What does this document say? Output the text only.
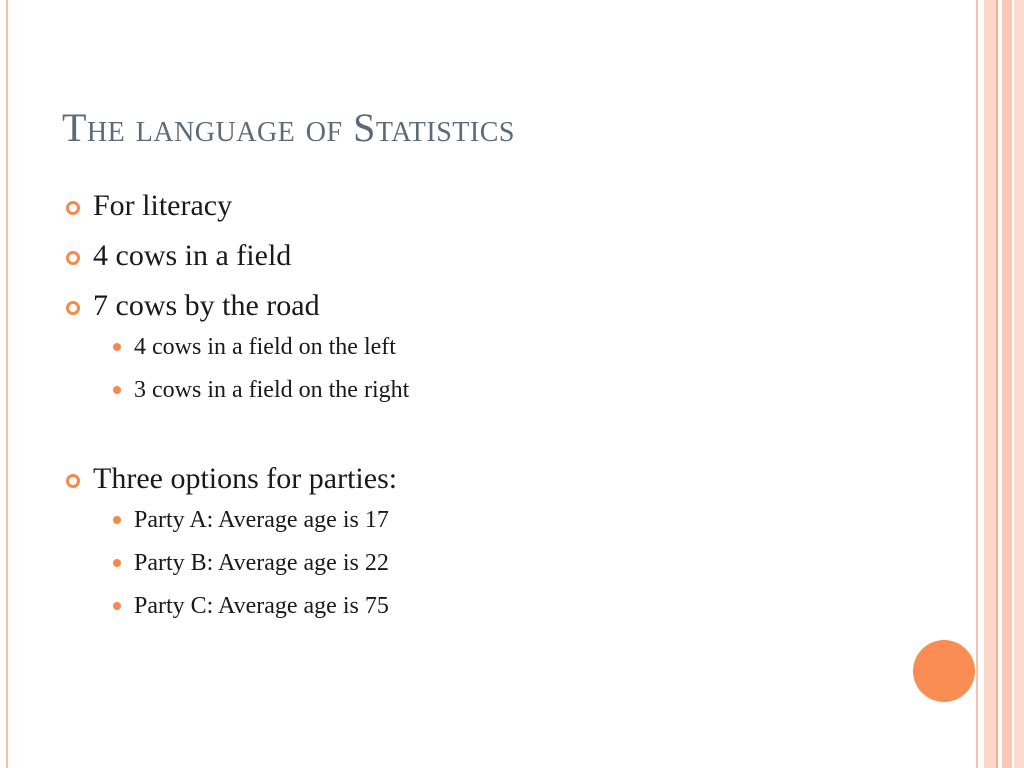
The language of Statistics
For literacy
4 cows in a field
7 cows by the road
4 cows in a field on the left
3 cows in a field on the right
Three options for parties:
Party A: Average age is 17
Party B: Average age is 22
Party C: Average age is 75
